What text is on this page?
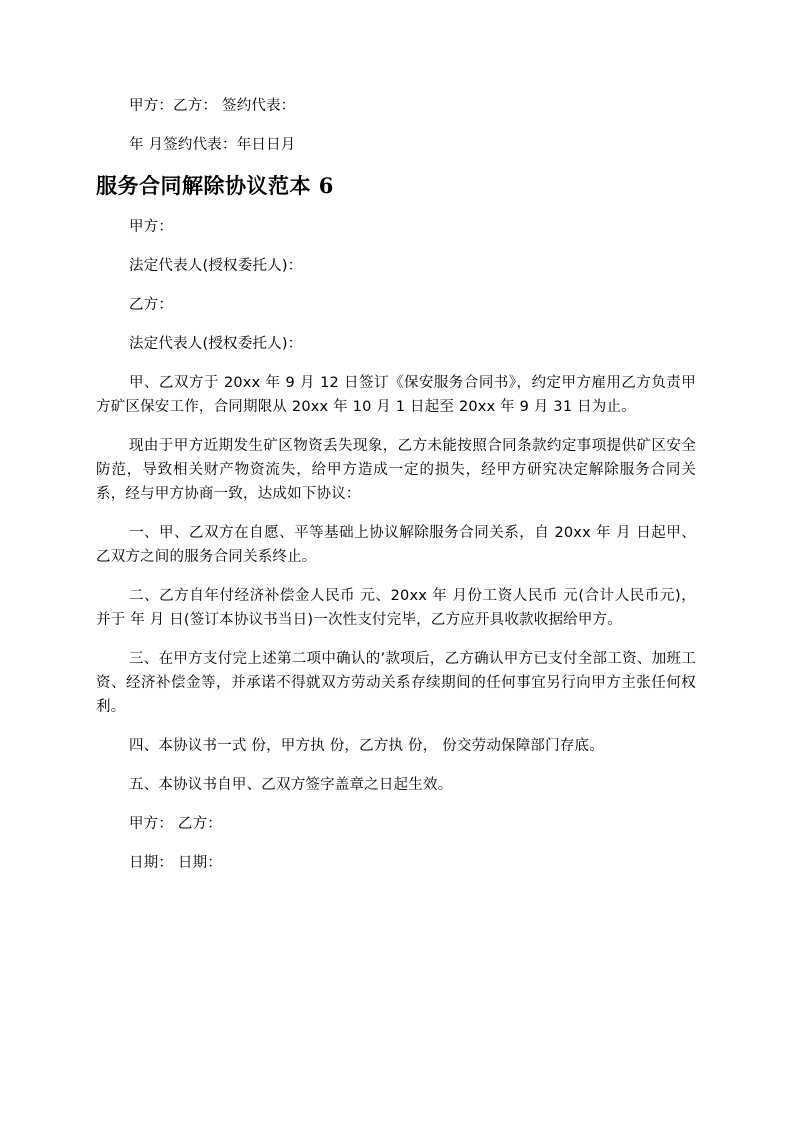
甲方：乙方： 签约代表：

年 月签约代表：年日日月

服务合同解除协议范本 6

甲方：

法定代表人(授权委托人)：

乙方：

法定代表人(授权委托人)：

甲、乙双方于 20xx 年 9 月 12 日签订《保安服务合同书》，约定甲方雇用乙方负责甲方矿区保安工作，合同期限从 20xx 年 10 月 1 日起至 20xx 年 9 月 31 日为止。

现由于甲方近期发生矿区物资丢失现象，乙方未能按照合同条款约定事项提供矿区安全防范，导致相关财产物资流失，给甲方造成一定的损失，经甲方研究决定解除服务合同关系，经与甲方协商一致，达成如下协议：

一、甲、乙双方在自愿、平等基础上协议解除服务合同关系，自 20xx 年 月 日起甲、乙双方之间的服务合同关系终止。

二、乙方自年付经济补偿金人民币 元、20xx 年 月份工资人民币 元(合计人民币元)，并于 年 月 日(签订本协议书当日)一次性支付完毕，乙方应开具收款收据给甲方。

三、在甲方支付完上述第二项中确认的’款项后，乙方确认甲方已支付全部工资、加班工资、经济补偿金等，并承诺不得就双方劳动关系存续期间的任何事宜另行向甲方主张任何权利。

四、本协议书一式 份，甲方执 份，乙方执 份， 份交劳动保障部门存底。

五、本协议书自甲、乙双方签字盖章之日起生效。

甲方： 乙方：

日期： 日期：
